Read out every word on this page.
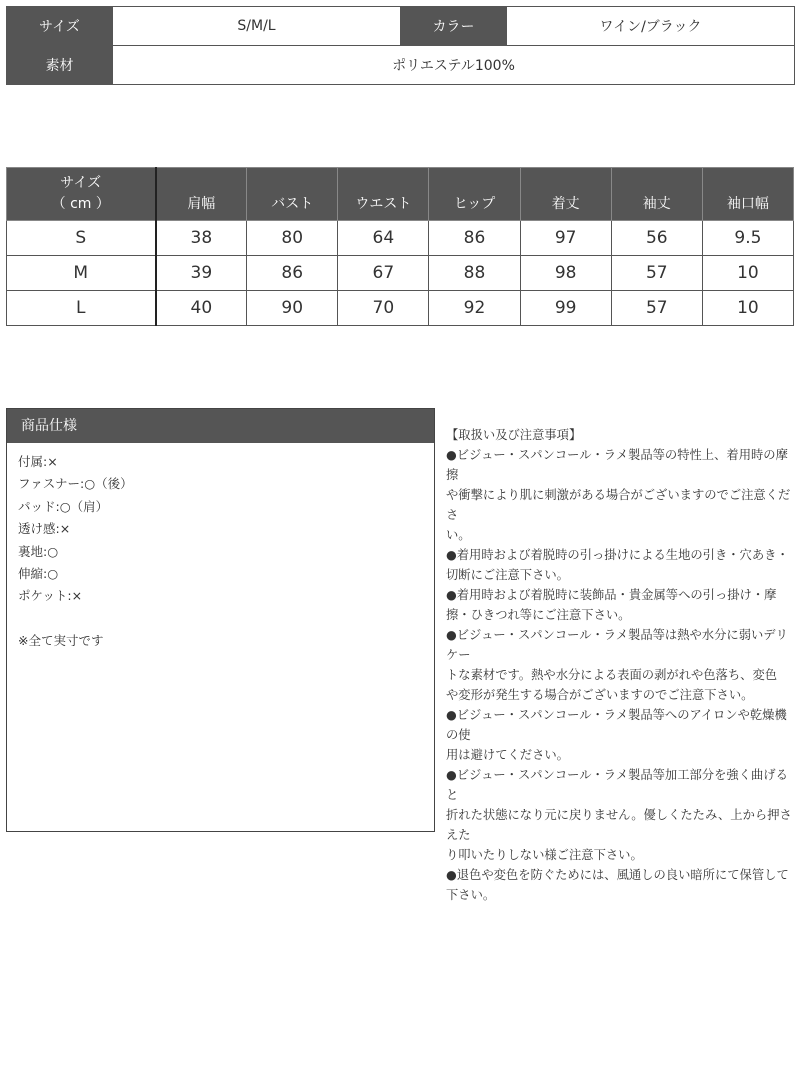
サイズ	S/M/L	カラー	ワイン/ブラック
素材	ポリエステル100%		
サイズ
（ cm ）	肩幅	バスト	ウエスト	ヒップ	着丈	袖丈	袖口幅
S	38	80	64	86	97	56	9.5
M	39	86	67	88	98	57	10
L	40	90	70	92	99	57	10
商品仕様
付属:×
ファスナー:○（後）
パッド:○（肩）
透け感:×
裏地:○
伸縮:○
ポケット:×
※全て実寸です

【取扱い及び注意事項】

●ビジュー・スパンコール・ラメ製品等の特性上、着用時の摩擦

や衝撃により肌に刺激がある場合がございますのでご注意くださ

い。

●着用時および着脱時の引っ掛けによる生地の引き・穴あき・

切断にご注意下さい。

●着用時および着脱時に装飾品・貴金属等への引っ掛け・摩

擦・ひきつれ等にご注意下さい。

●ビジュー・スパンコール・ラメ製品等は熱や水分に弱いデリケー

トな素材です。熱や水分による表面の剥がれや色落ち、変色

や変形が発生する場合がございますのでご注意下さい。

●ビジュー・スパンコール・ラメ製品等へのアイロンや乾燥機の使

用は避けてください。

●ビジュー・スパンコール・ラメ製品等加工部分を強く曲げると

折れた状態になり元に戻りません。優しくたたみ、上から押さえた

り叩いたりしない様ご注意下さい。

●退色や変色を防ぐためには、風通しの良い暗所にて保管して

下さい。
